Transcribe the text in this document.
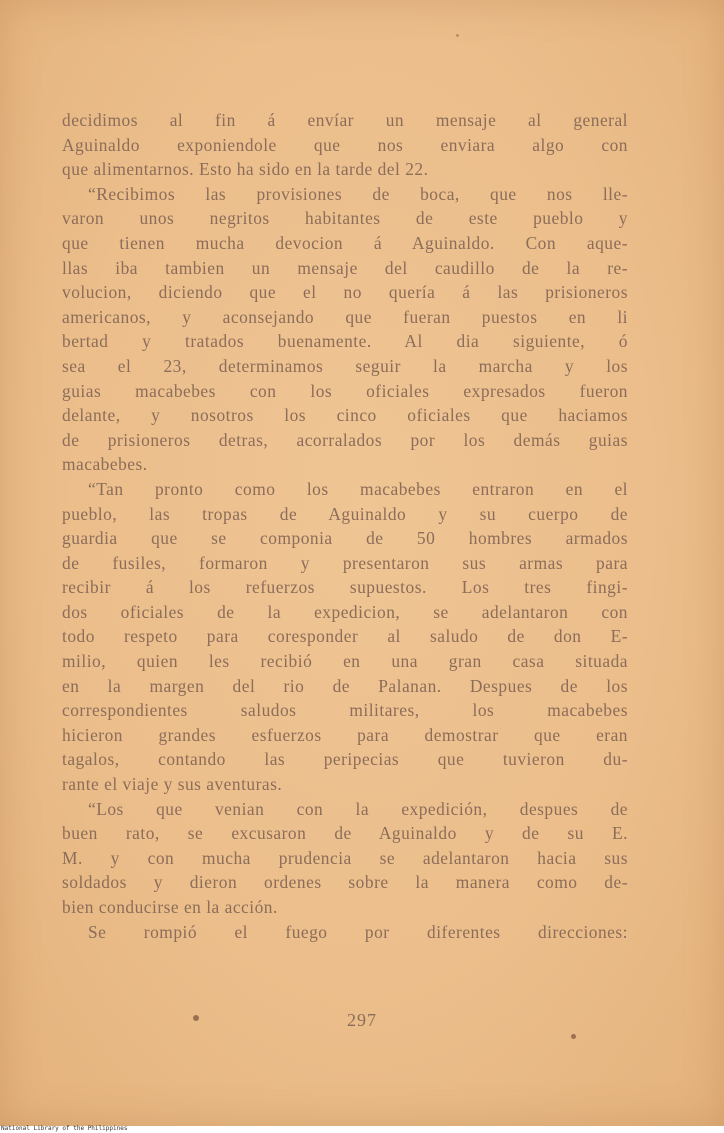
decidimos al fin á envíar un mensaje al general
Aguinaldo exponiendole que nos enviara algo con
que alimentarnos. Esto ha sido en la tarde del 22.
“Recibimos las provisiones de boca, que nos lle-
varon unos negritos habitantes de este pueblo y
que tienen mucha devocion á Aguinaldo. Con aque-
llas iba tambien un mensaje del caudillo de la re-
volucion, diciendo que el no quería á las prisioneros
americanos, y aconsejando que fueran puestos en li
bertad y tratados buenamente. Al dia siguiente, ó
sea el 23, determinamos seguir la marcha y los
guias macabebes con los oficiales expresados fueron
delante, y nosotros los cinco oficiales que haciamos
de prisioneros detras, acorralados por los demás guias
macabebes.
“Tan pronto como los macabebes entraron en el
pueblo, las tropas de Aguinaldo y su cuerpo de
guardia que se componia de 50 hombres armados
de fusiles, formaron y presentaron sus armas para
recibir á los refuerzos supuestos. Los tres fingi-
dos oficiales de la expedicion, se adelantaron con
todo respeto para coresponder al saludo de don E-
milio, quien les recibió en una gran casa situada
en la margen del rio de Palanan. Despues de los
correspondientes saludos militares, los macabebes
hicieron grandes esfuerzos para demostrar que eran
tagalos, contando las peripecias que tuvieron du-
rante el viaje y sus aventuras.
“Los que venian con la expedición, despues de
buen rato, se excusaron de Aguinaldo y de su E.
M. y con mucha prudencia se adelantaron hacia sus
soldados y dieron ordenes sobre la manera como de-
bien conducirse en la acción.
Se rompió el fuego por diferentes direcciones:
297
National Library of the Philippines
